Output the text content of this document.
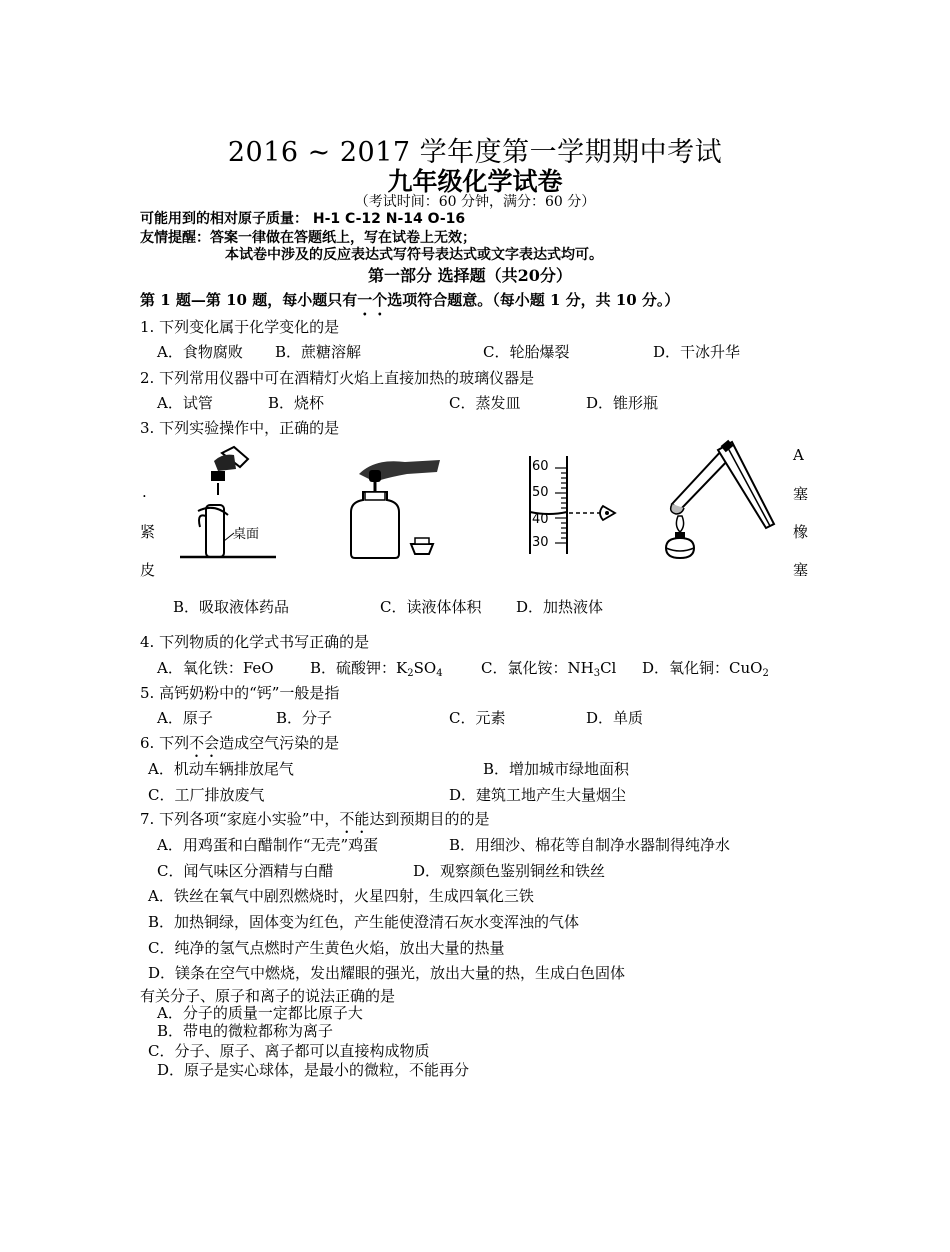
2016 ~ 2017 学年度第一学期期中考试
九年级化学试卷
（考试时间：60 分钟，满分：60 分）
可能用到的相对原子质量： H-1 C-12 N-14 O-16
友情提醒：答案一律做在答题纸上，写在试卷上无效；
本试卷中涉及的反应表达式写符号表达式或文字表达式均可。
第一部分 选择题（共20分）
第 1 题—第 10 题，每小题只有一个选项符合题意。（每小题 1 分，共 10 分。）
1. 下列变化属于化学变化的是
A．食物腐败 B．蔗糖溶解	C．轮胎爆裂	D．干冰升华
2. 下列常用仪器中可在酒精灯火焰上直接加热的玻璃仪器是
A．试管	B．烧杯	C．蒸发皿	D．锥形瓶
3. 下列实验操作中，正确的是
A
塞
橡
塞
.
紧
皮
桌面
60
50
40
30
B．吸取液体药品	C．读液体体积 D．加热液体
4. 下列物质的化学式书写正确的是
A．氧化铁：FeO B．硫酸钾：$K_2SO_4$	C．氯化铵：$NH_3Cl$ D．氧化铜：CuO$_2$
5. 高钙奶粉中的“钙”一般是指
A．原子	B．分子	C．元素	D．单质
6. 下列不会造成空气污染的是
A．机动车辆排放尾气	B．增加城市绿地面积
C．工厂排放废气	D．建筑工地产生大量烟尘
7. 下列各项“家庭小实验”中，不能达到预期目的的是
A．用鸡蛋和白醋制作“无壳”鸡蛋	B．用细沙、棉花等自制净水器制得纯净水
C．闻气味区分酒精与白醋	D．观察颜色鉴别铜丝和铁丝
A．铁丝在氧气中剧烈燃烧时，火星四射，生成四氧化三铁
B．加热铜绿，固体变为红色，产生能使澄清石灰水变浑浊的气体
C．纯净的氢气点燃时产生黄色火焰，放出大量的热量
D．镁条在空气中燃烧，发出耀眼的强光，放出大量的热，生成白色固体
有关分子、原子和离子的说法正确的是
A．分子的质量一定都比原子大
B．带电的微粒都称为离子
C．分子、原子、离子都可以直接构成物质
D．原子是实心球体，是最小的微粒，不能再分
